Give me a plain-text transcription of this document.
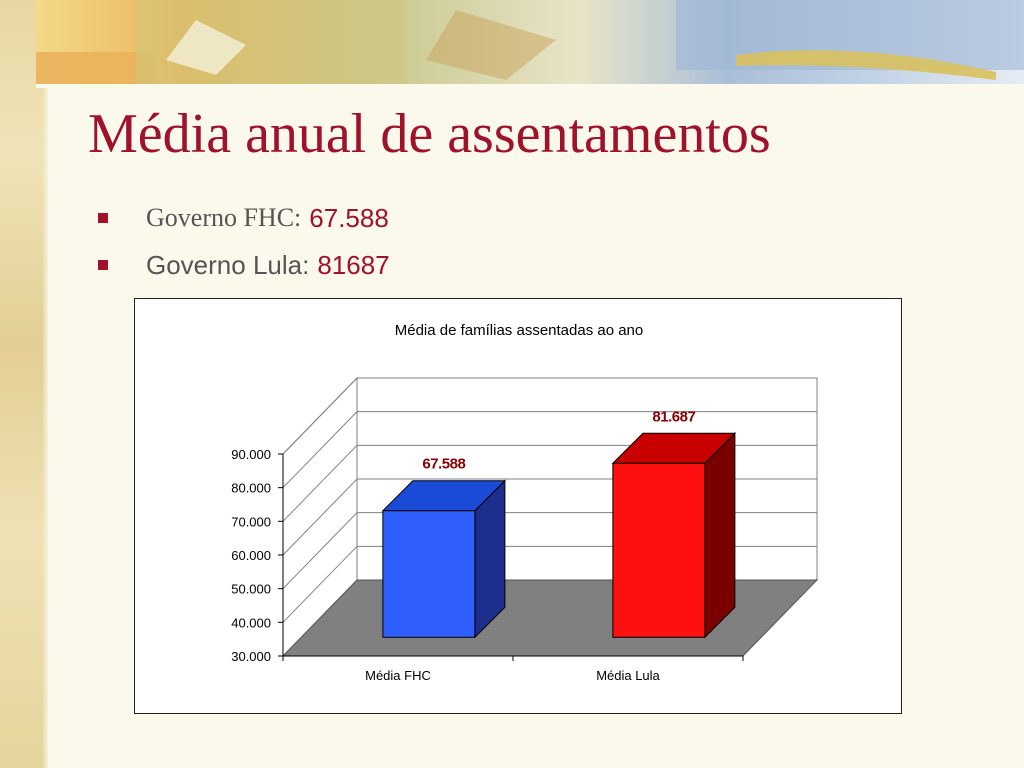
Média anual de assentamentos
Governo FHC: 67.588
Governo Lula: 81687
Média de famílias assentadas ao ano
67.588
81.687
30.000
40.000
50.000
60.000
70.000
80.000
90.000
Média FHC	Média Lula
